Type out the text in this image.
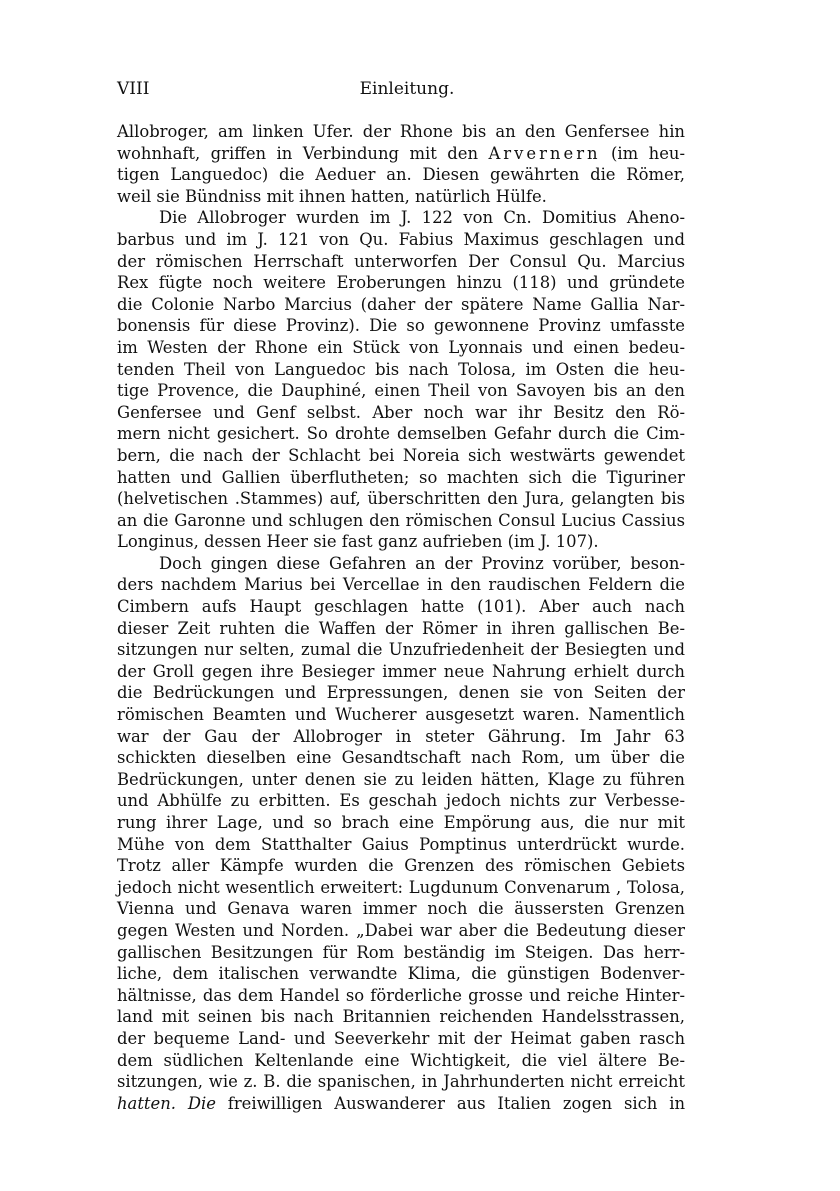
VIII	Einleitung.
Allobroger, am linken Ufer. der Rhone bis an den Genfersee hin
wohnhaft, griffen in Verbindung mit den Arvernern (im heu-
tigen Languedoc) die Aeduer an. Diesen gewährten die Römer,
weil sie Bündniss mit ihnen hatten, natürlich Hülfe.
Die Allobroger wurden im J. 122 von Cn. Domitius Aheno-
barbus und im J. 121 von Qu. Fabius Maximus geschlagen und
der römischen Herrschaft unterworfen Der Consul Qu. Marcius
Rex fügte noch weitere Eroberungen hinzu (118) und gründete
die Colonie Narbo Marcius (daher der spätere Name Gallia Nar-
bonensis für diese Provinz). Die so gewonnene Provinz umfasste
im Westen der Rhone ein Stück von Lyonnais und einen bedeu-
tenden Theil von Languedoc bis nach Tolosa, im Osten die heu-
tige Provence, die Dauphiné, einen Theil von Savoyen bis an den
Genfersee und Genf selbst. Aber noch war ihr Besitz den Rö-
mern nicht gesichert. So drohte demselben Gefahr durch die Cim-
bern, die nach der Schlacht bei Noreia sich westwärts gewendet
hatten und Gallien überflutheten; so machten sich die Tiguriner
(helvetischen .Stammes) auf, überschritten den Jura, gelangten bis
an die Garonne und schlugen den römischen Consul Lucius Cassius
Longinus, dessen Heer sie fast ganz aufrieben (im J. 107).
Doch gingen diese Gefahren an der Provinz vorüber, beson-
ders nachdem Marius bei Vercellae in den raudischen Feldern die
Cimbern aufs Haupt geschlagen hatte (101). Aber auch nach
dieser Zeit ruhten die Waffen der Römer in ihren gallischen Be-
sitzungen nur selten, zumal die Unzufriedenheit der Besiegten und
der Groll gegen ihre Besieger immer neue Nahrung erhielt durch
die Bedrückungen und Erpressungen, denen sie von Seiten der
römischen Beamten und Wucherer ausgesetzt waren. Namentlich
war der Gau der Allobroger in steter Gährung. Im Jahr 63
schickten dieselben eine Gesandtschaft nach Rom, um über die
Bedrückungen, unter denen sie zu leiden hätten, Klage zu führen
und Abhülfe zu erbitten. Es geschah jedoch nichts zur Verbesse-
rung ihrer Lage, und so brach eine Empörung aus, die nur mit
Mühe von dem Statthalter Gaius Pomptinus unterdrückt wurde.
Trotz aller Kämpfe wurden die Grenzen des römischen Gebiets
jedoch nicht wesentlich erweitert: Lugdunum Convenarum , Tolosa,
Vienna und Genava waren immer noch die äussersten Grenzen
gegen Westen und Norden. „Dabei war aber die Bedeutung dieser
gallischen Besitzungen für Rom beständig im Steigen. Das herr-
liche, dem italischen verwandte Klima, die günstigen Bodenver-
hältnisse, das dem Handel so förderliche grosse und reiche Hinter-
land mit seinen bis nach Britannien reichenden Handelsstrassen,
der bequeme Land- und Seeverkehr mit der Heimat gaben rasch
dem südlichen Keltenlande eine Wichtigkeit, die viel ältere Be-
sitzungen, wie z. B. die spanischen, in Jahrhunderten nicht erreicht
hatten. Die freiwilligen Auswanderer aus Italien zogen sich in
